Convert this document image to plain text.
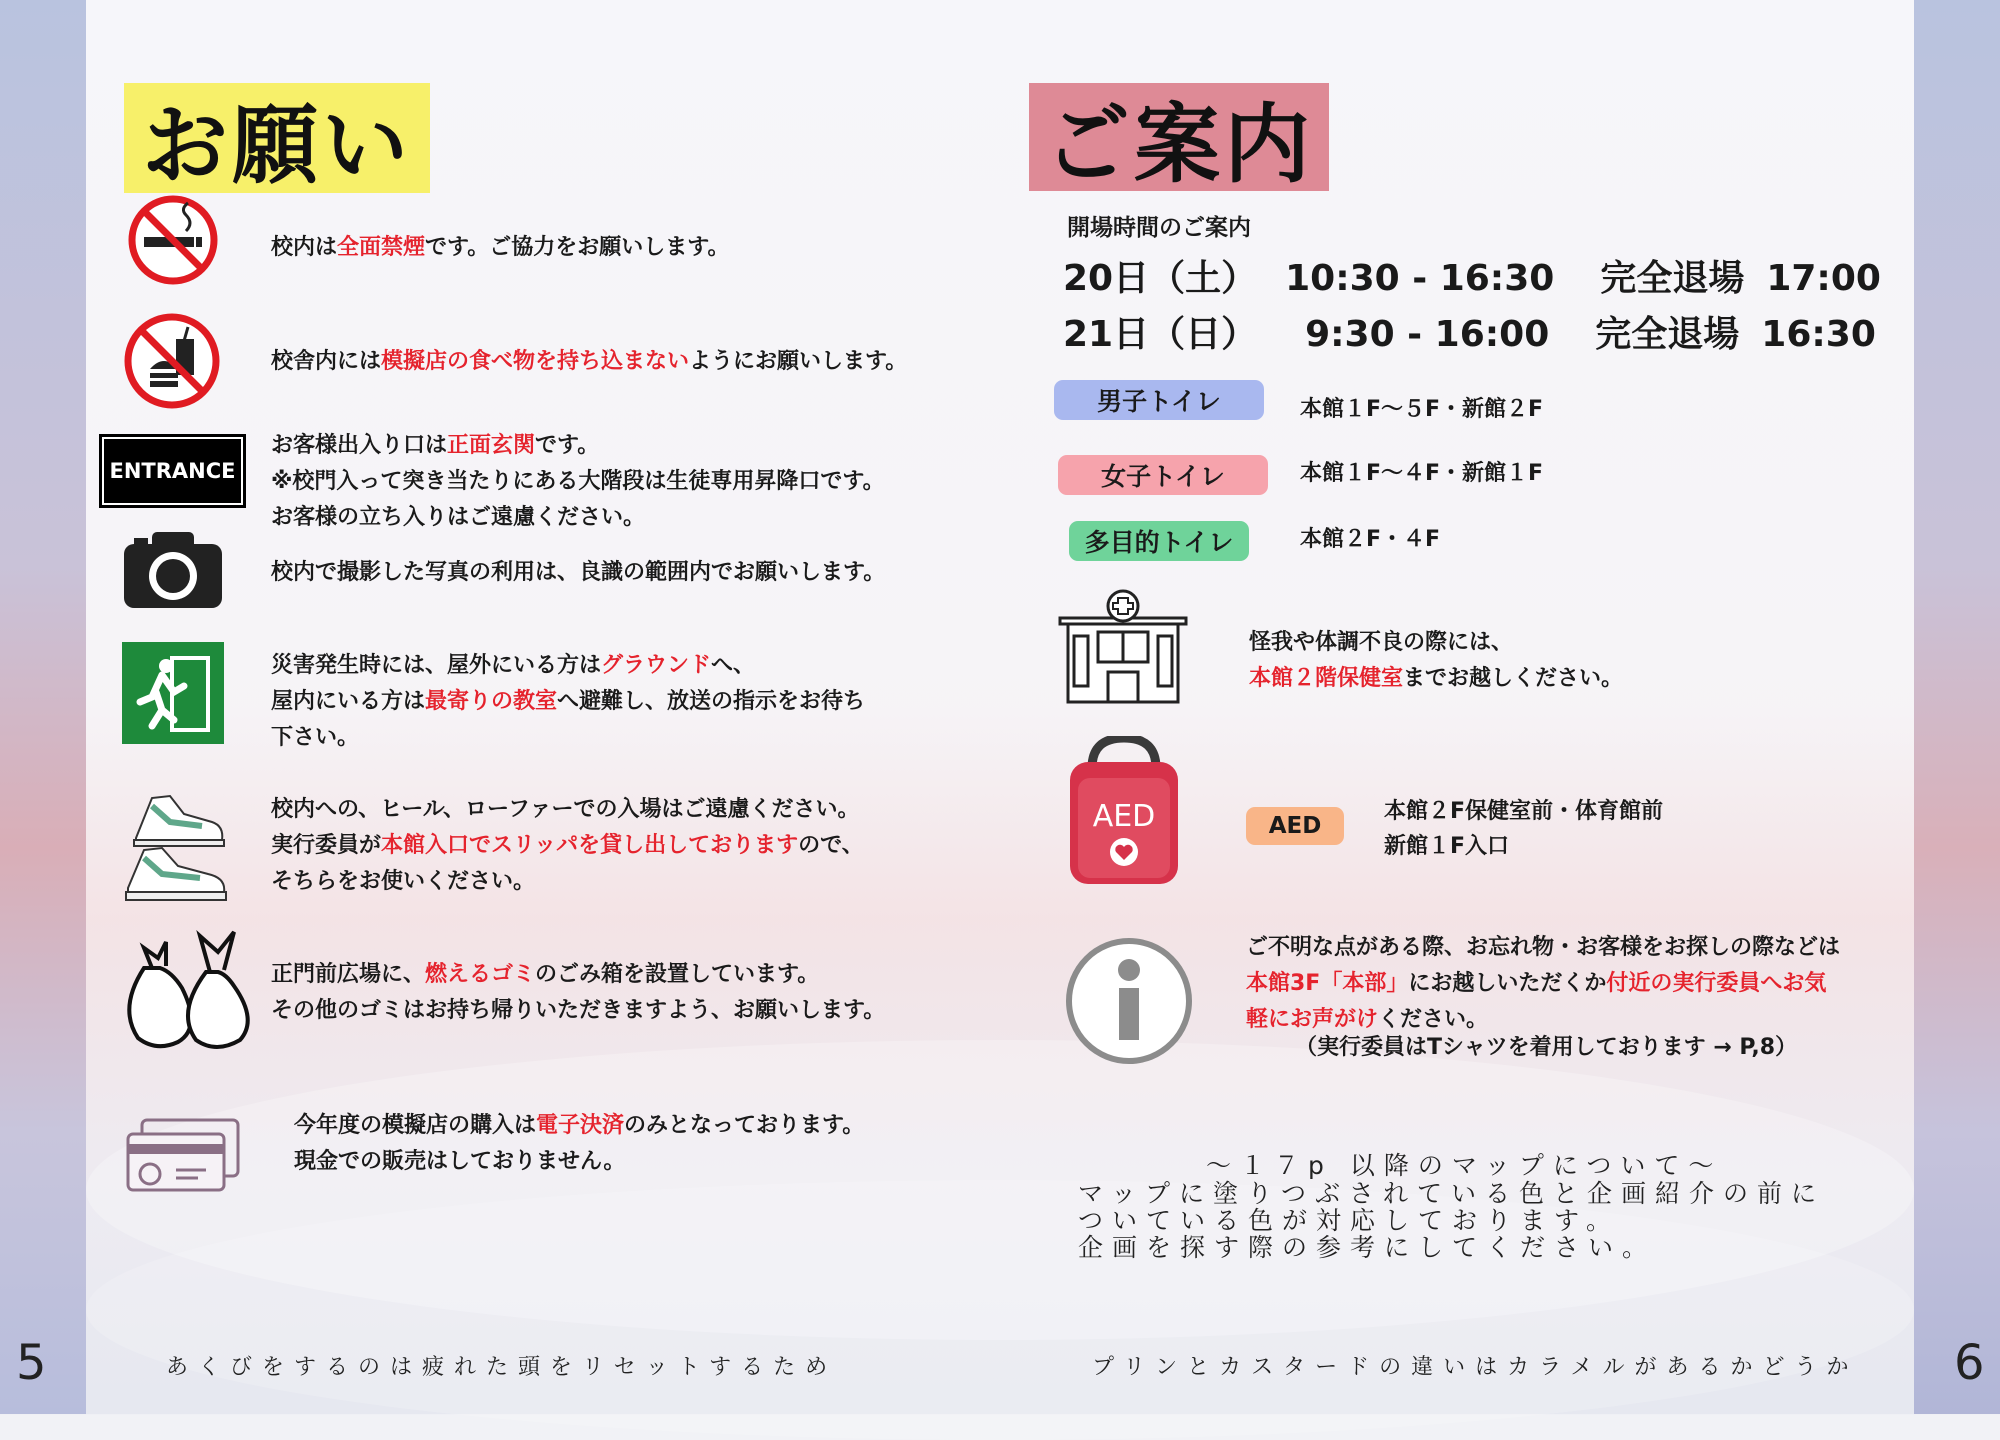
お願い
校内は全面禁煙です。ご協力をお願いします。
校舎内には模擬店の食べ物を持ち込まないようにお願いします。
ENTRANCE
お客様出入り口は正面玄関です。
※校門入って突き当たりにある大階段は生徒専用昇降口です。
お客様の立ち入りはご遠慮ください。
校内で撮影した写真の利用は、良識の範囲内でお願いします。
災害発生時には、屋外にいる方はグラウンドへ、
屋内にいる方は最寄りの教室へ避難し、放送の指示をお待ち
下さい。
校内への、ヒール、ローファーでの入場はご遠慮ください。
実行委員が本館入口でスリッパを貸し出しておりますので、
そちらをお使いください。
正門前広場に、燃えるゴミのごみ箱を設置しています。
その他のゴミはお持ち帰りいただきますよう、お願いします。
今年度の模擬店の購入は電子決済のみとなっております。
現金での販売はしておりません。
ご案内
開場時間のご案内
20日（土） 10:30 - 16:30 完全退場 17:00
21日（日） 9:30 - 16:00 完全退場 16:30
男子トイレ	本館１F〜５F・新館２F
女子トイレ	本館１F〜４F・新館１F
多目的トイレ	本館２F・４F
怪我や体調不良の際には、
本館２階保健室までお越しください。
AED	AED
本館２F保健室前・体育館前
新館１F入口
ご不明な点がある際、お忘れ物・お客様をお探しの際などは
本館3F「本部」にお越しいただくか付近の実行委員へお気
軽にお声がけください。
（実行委員はTシャツを着用しております → P,8）
〜１７p 以降のマップについて〜
マップに塗りつぶされている色と企画紹介の前に
ついている色が対応しております。
企画を探す際の参考にしてください。
5	あくびをするのは疲れた頭をリセットするため	プリンとカスタードの違いはカラメルがあるかどうか 6
